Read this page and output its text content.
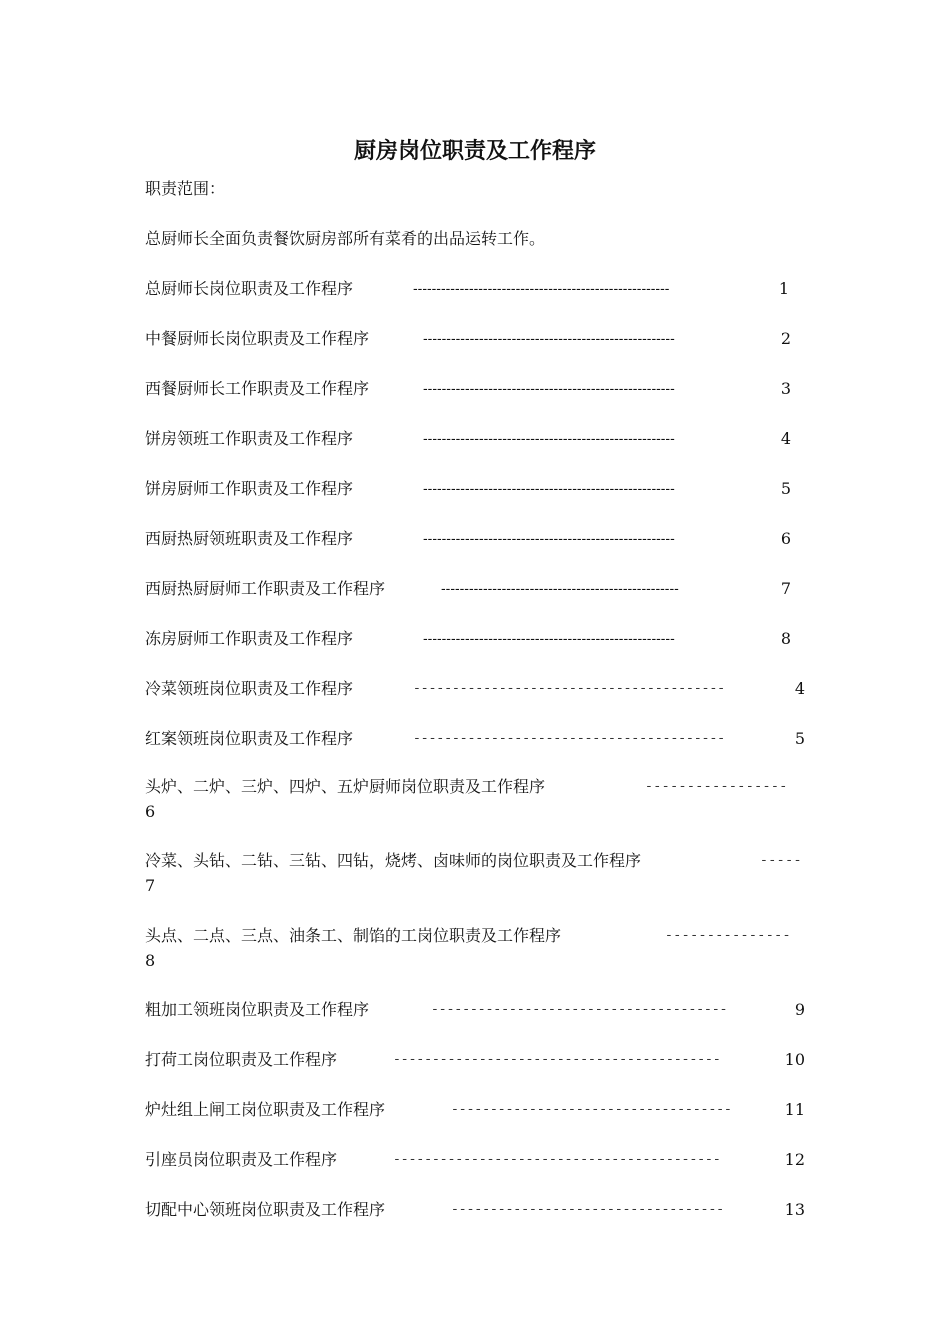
厨房岗位职责及工作程序
职责范围：
总厨师长全面负责餐饮厨房部所有菜肴的出品运转工作。
总厨师长岗位职责及工作程序	-------------------------------------------------------	1
中餐厨师长岗位职责及工作程序	------------------------------------------------------	2
西餐厨师长工作职责及工作程序	------------------------------------------------------	3
饼房领班工作职责及工作程序	------------------------------------------------------	4
饼房厨师工作职责及工作程序	------------------------------------------------------	5
西厨热厨领班职责及工作程序	------------------------------------------------------	6
西厨热厨厨师工作职责及工作程序	---------------------------------------------------	7
冻房厨师工作职责及工作程序	------------------------------------------------------	8
冷菜领班岗位职责及工作程序	----------------------------------------	4
红案领班岗位职责及工作程序	----------------------------------------	5
头炉、二炉、三炉、四炉、五炉厨师岗位职责及工作程序	-----------------
6
冷菜、头钻、二钻、三钻、四钻，烧烤、卤味师的岗位职责及工作程序	-----
7
头点、二点、三点、油条工、制馅的工岗位职责及工作程序	---------------
8
粗加工领班岗位职责及工作程序	--------------------------------------	9
打荷工岗位职责及工作程序	------------------------------------------	10
炉灶组上闸工岗位职责及工作程序	------------------------------------	11
引座员岗位职责及工作程序	------------------------------------------	12
切配中心领班岗位职责及工作程序	-----------------------------------	13
